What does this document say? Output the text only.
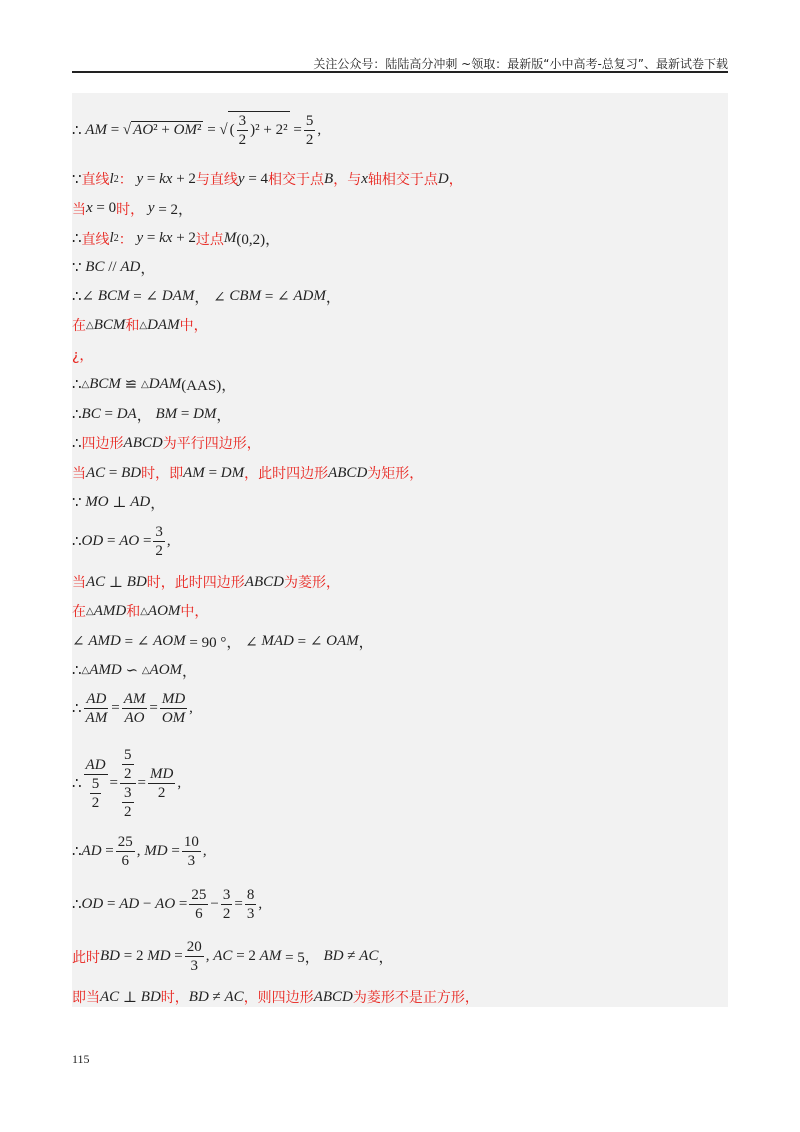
关注公众号：陆陆高分冲刺 ~领取：最新版“小中高考-总复习”、最新试卷下载
∴
AM = √ AO² + OM² = √ ( $\frac{3}{2} )^2 + 2^2 = \frac{5}{2}$ ,
∵ 直线 l 2 ：
y = kx + 2 与直线 y = 4 相交于点 B ，与 x 轴相交于点 D ，
当 x = 0 时，
y = 2，
∴ 直线 l 2 ：
y = kx + 2 过点 M (0,2)，
∵ BC // AD ，
∴∠ BCM = ∠ DAM ， ∠ CBM = ∠ ADM ，
在 △ BCM 和 △ DAM 中，
¿，
∴ △ BCM ≌ △ DAM (AAS)，
∴ BC = DA ， BM = DM ，
∴ 四边形 ABCD 为平行四边形，
当 AC = BD 时，即 AM = DM ，此时四边形 ABCD 为矩形，
∵ MO ⊥ AD ，
∴ OD = AO = $\frac{3}{2}$ ,
当 AC ⊥ BD 时，此时四边形 ABCD 为菱形，
在 △ AMD 和 △ AOM 中，
∠ AMD = ∠ AOM = 90 °， ∠ MAD = ∠ OAM ，
∴ △ AMD ∽ △ AOM ，
∴ $\frac{AD}{AM} = \frac{AM}{AO} = \frac{MD}{OM}$ ,
∴ $\frac{AD}{\frac{5}{2}} = \frac{\frac{5}{2}}{\frac{3}{2}} = \frac{MD}{2}$ ,
∴ AD = $\frac{25}{6}$ , MD = $\frac{10}{3}$ ,
∴ OD = AD − AO = $\frac{25}{6} - \frac{3}{2} = \frac{8}{3}$ ,
此时 BD = 2 MD = $\frac{20}{3}$ , AC = 2 AM = 5， BD ≠ AC ，
即当 AC ⊥ BD 时， BD ≠ AC ，则四边形 ABCD 为菱形不是正方形，
115
